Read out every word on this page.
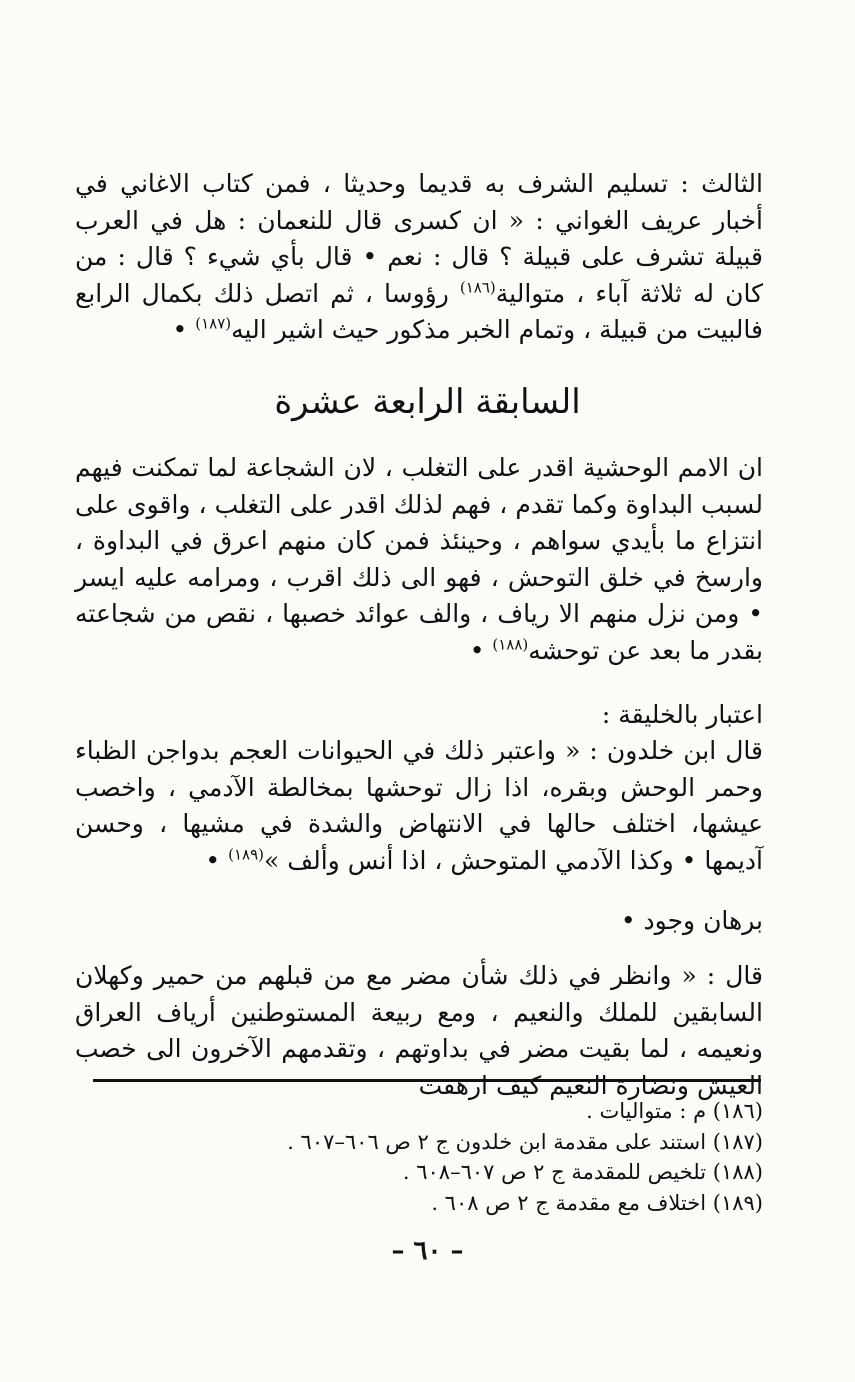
الثالث : تسليم الشرف به قديما وحديثا ، فمن كتاب الاغاني في أخبار عريف الغواني : « ان كسرى قال للنعمان : هل في العرب قبيلة تشرف على قبيلة ؟ قال : نعم • قال بأي شيء ؟ قال : من كان له ثلاثة آباء ، متوالية$^{(١٨٦)}$ رؤوسا ، ثم اتصل ذلك بكمال الرابع فالبيت من قبيلة ، وتمام الخبر مذكور حيث اشير اليه$^{(١٨٧)}$ •

السابقة الرابعة عشرة

ان الامم الوحشية اقدر على التغلب ، لان الشجاعة لما تمكنت فيهم لسبب البداوة وكما تقدم ، فهم لذلك اقدر على التغلب ، واقوى على انتزاع ما بأيدي سواهم ، وحينئذ فمن كان منهم اعرق في البداوة ، وارسخ في خلق التوحش ، فهو الى ذلك اقرب ، ومرامه عليه ايسر • ومن نزل منهم الا رياف ، والف عوائد خصبها ، نقص من شجاعته بقدر ما بعد عن توحشه$^{(١٨٨)}$ •

اعتبار بالخليقة :

قال ابن خلدون : « واعتبر ذلك في الحيوانات العجم بدواجن الظباء وحمر الوحش وبقره، اذا زال توحشها بمخالطة الآدمي ، واخصب عيشها، اختلف حالها في الانتهاض والشدة في مشيها ، وحسن آديمها • وكذا الآدمي المتوحش ، اذا أنس وألف »$^{(١٨٩)}$ •

برهان وجود •

قال : « وانظر في ذلك شأن مضر مع من قبلهم من حمير وكهلان السابقين للملك والنعيم ، ومع ربيعة المستوطنين أرياف العراق ونعيمه ، لما بقيت مضر في بداوتهم ، وتقدمهم الآخرون الى خصب العيش ونضارة النعيم كيف ارهفت

(١٨٦) م : متواليات .

(١٨٧) استند على مقدمة ابن خلدون ج ٢ ص ٦٠٦–٦٠٧ .

(١٨٨) تلخيص للمقدمة ج ٢ ص ٦٠٧–٦٠٨ .

(١٨٩) اختلاف مع مقدمة ج ٢ ص ٦٠٨ .

– ٦٠ –
